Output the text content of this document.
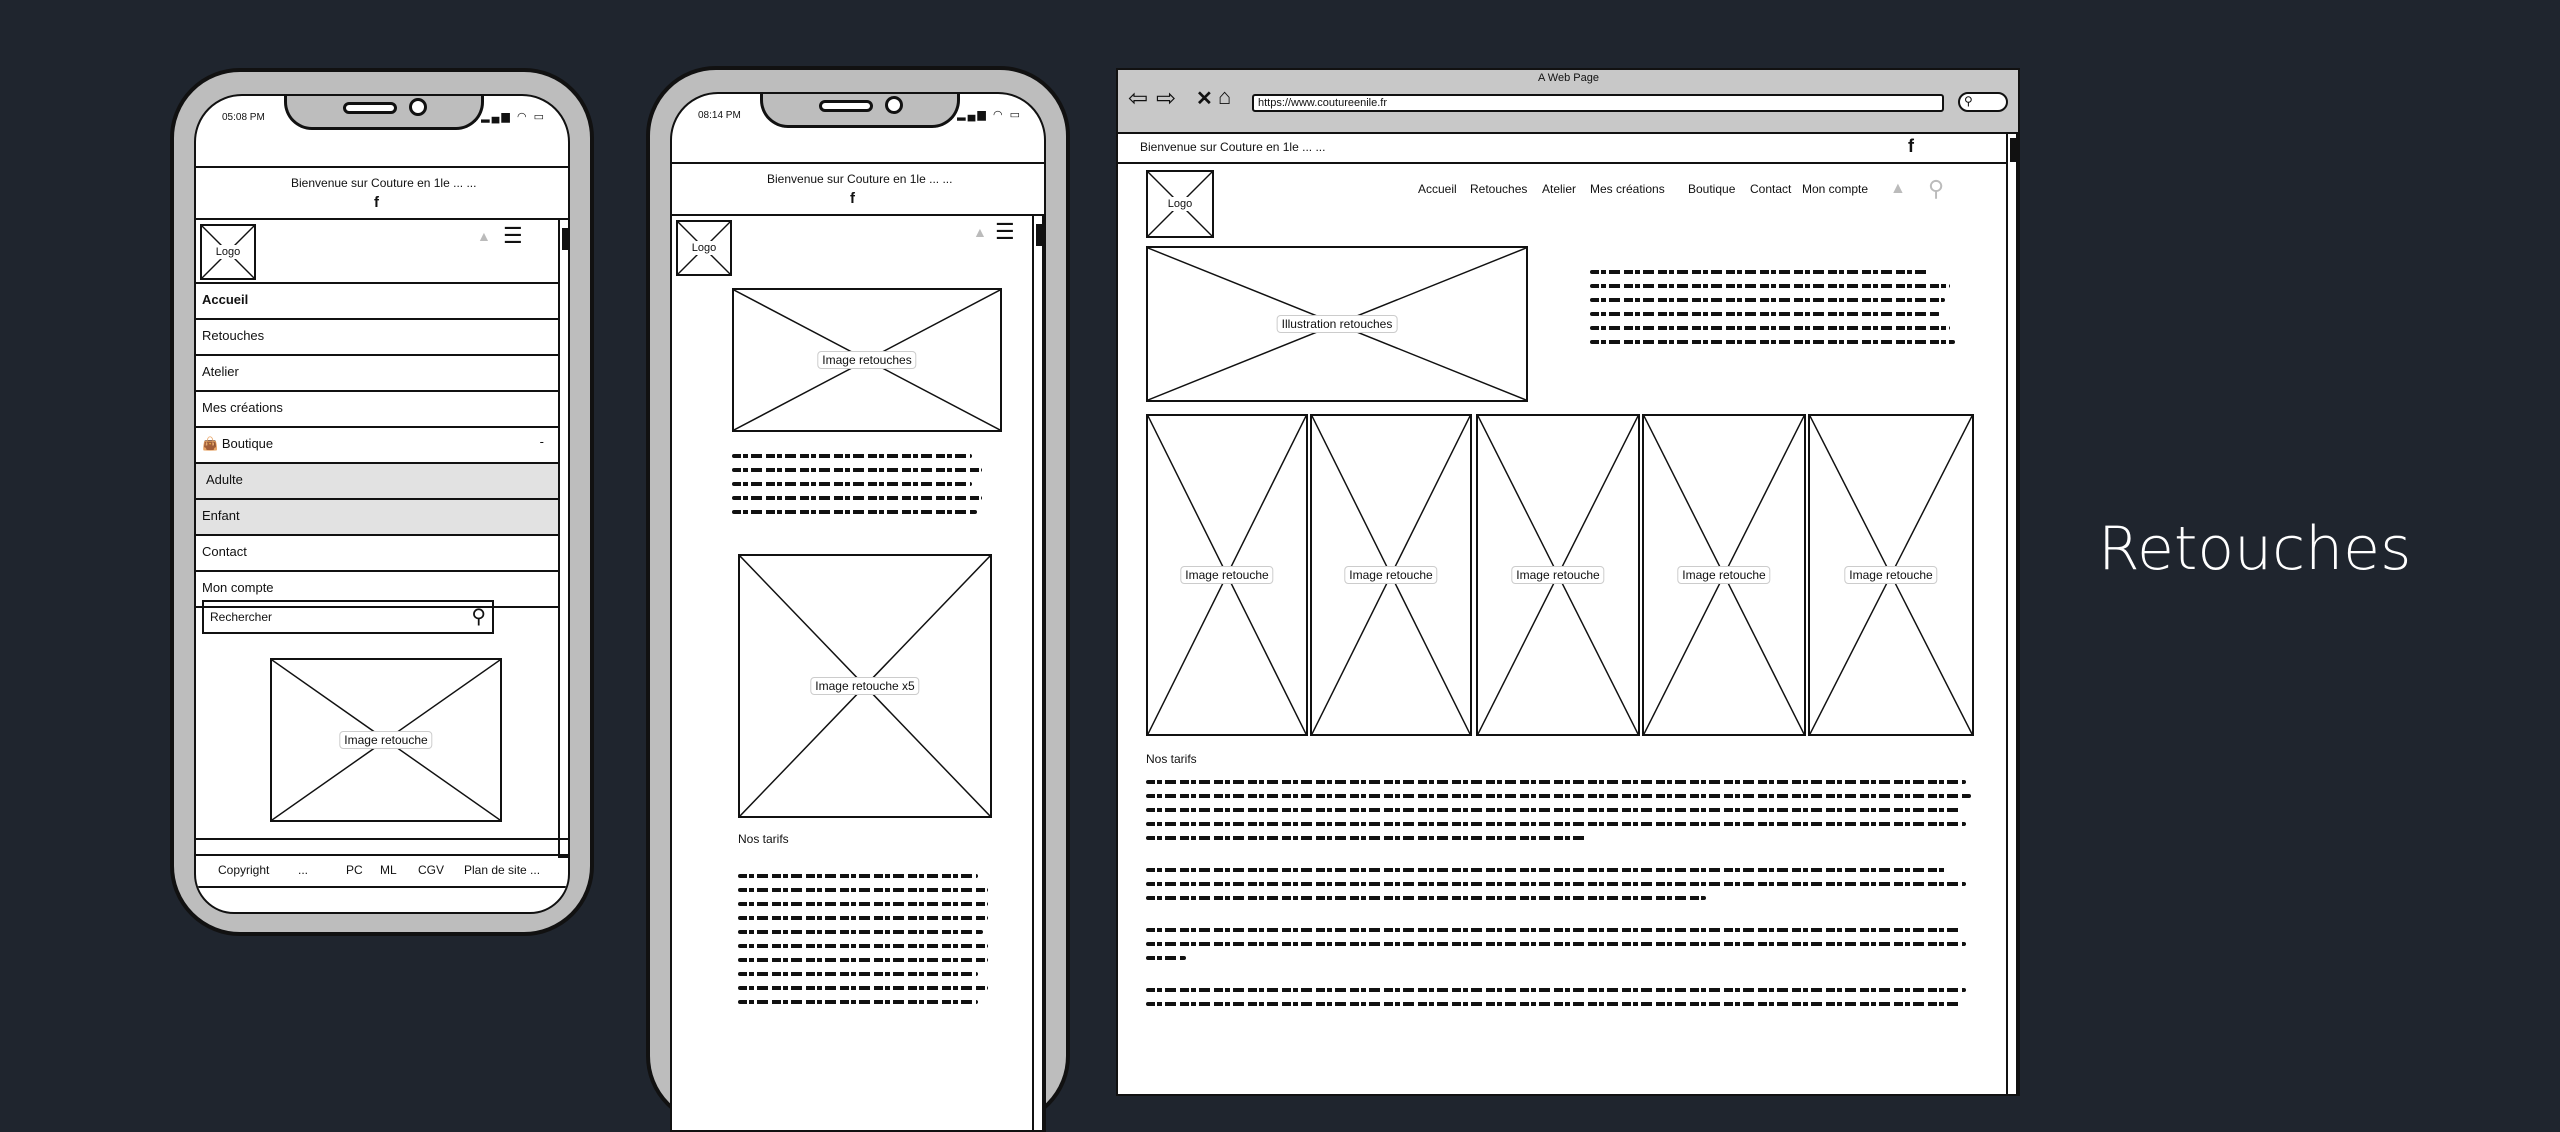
05:08 PM	▂▄▆ ◠ ▭
Bienvenue sur Couture en 1le ... ...
f
Logo
▲ ☰
Accueil
Retouches
Atelier
Mes créations
👜 Boutique	-
Adulte
Enfant
Contact
Mon compte
Rechercher	⚲
Image retouche
Copyright ...	PC ML CGV Plan de site ...
08:14 PM	▂▄▆ ◠ ▭
Bienvenue sur Couture en 1le ... ...
f
Logo
▲ ☰
Image retouches
Image retouche x5
Nos tarifs
A Web Page
⇦ ⇨ ✕ ⌂ https://www.coutureenile.fr	⚲
Bienvenue sur Couture en 1le ... ...	f
Logo
Accueil Retouches Atelier Mes créations Boutique Contact Mon compte ▲ ⚲
Illustration retouches
Image retouche	Image retouche	Image retouche	Image retouche	Image retouche
Nos tarifs
Retouches
